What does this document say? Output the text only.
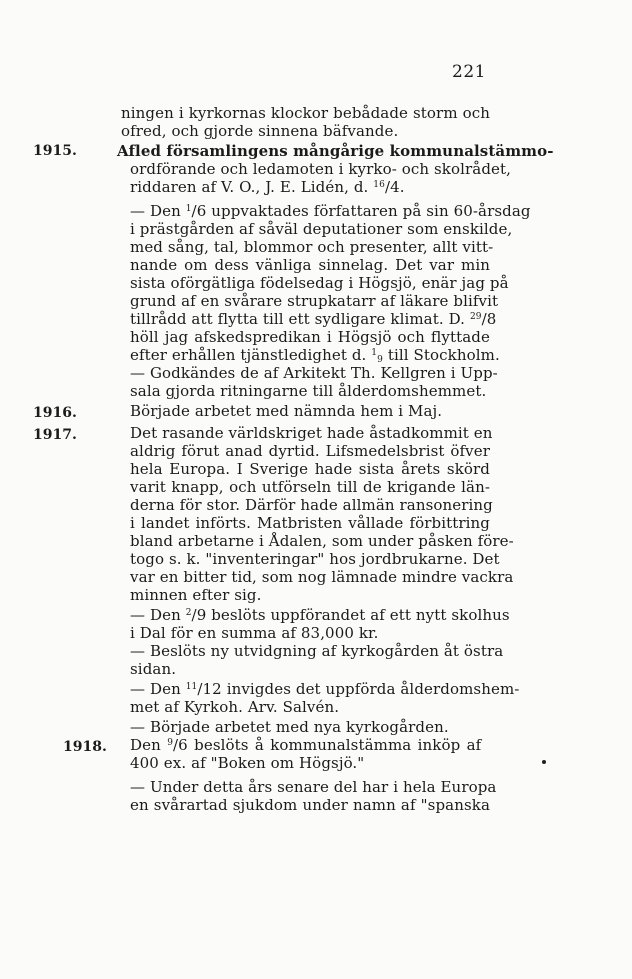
221
ningen i kyrkornas klockor bebådade storm och
ofred, och gjorde sinnena bäfvande.
1915.	Afled församlingens mångårige kommunalstämmo-
ordförande och ledamoten i kyrko- och skolrådet,
riddaren af V. O., J. E. Lidén, d. $^{16}$/4.
— Den $^1$/6 uppvaktades författaren på sin 60-årsdag
i prästgården af såväl deputationer som enskilde,
med sång, tal, blommor och presenter, allt vitt-
nande om dess vänliga sinnelag. Det var min
sista oförgätliga födelsedag i Högsjö, enär jag på
grund af en svårare strupkatarr af läkare blifvit
tillrådd att flytta till ett sydligare klimat. D. $^{29}$/8
höll jag afskedspredikan i Högsjö och flyttade
efter erhållen tjänstledighet d. $^1_9$ till Stockholm.
— Godkändes de af Arkitekt Th. Kellgren i Upp-
sala gjorda ritningarne till ålderdomshemmet.
1916.	Började arbetet med nämnda hem i Maj.
1917.	Det rasande världskriget hade åstadkommit en
aldrig förut anad dyrtid. Lifsmedelsbrist öfver
hela Europa. I Sverige hade sista årets skörd
varit knapp, och utförseln till de krigande län-
derna för stor. Därför hade allmän ransonering
i landet införts. Matbristen vållade förbittring
bland arbetarne i Ådalen, som under påsken före-
togo s. k. "inventeringar" hos jordbrukarne. Det
var en bitter tid, som nog lämnade mindre vackra
minnen efter sig.
— Den $^2$/9 beslöts uppförandet af ett nytt skolhus
i Dal för en summa af 83,000 kr.
— Beslöts ny utvidgning af kyrkogården åt östra
sidan.
— Den $^{11}$/12 invigdes det uppförda ålderdomshem-
met af Kyrkoh. Arv. Salvén.
— Började arbetet med nya kyrkogården.
1918. Den $^9$/6 beslöts å kommunalstämma inköp af
400 ex. af "Boken om Högsjö."
— Under detta års senare del har i hela Europa
en svårartad sjukdom under namn af "spanska
